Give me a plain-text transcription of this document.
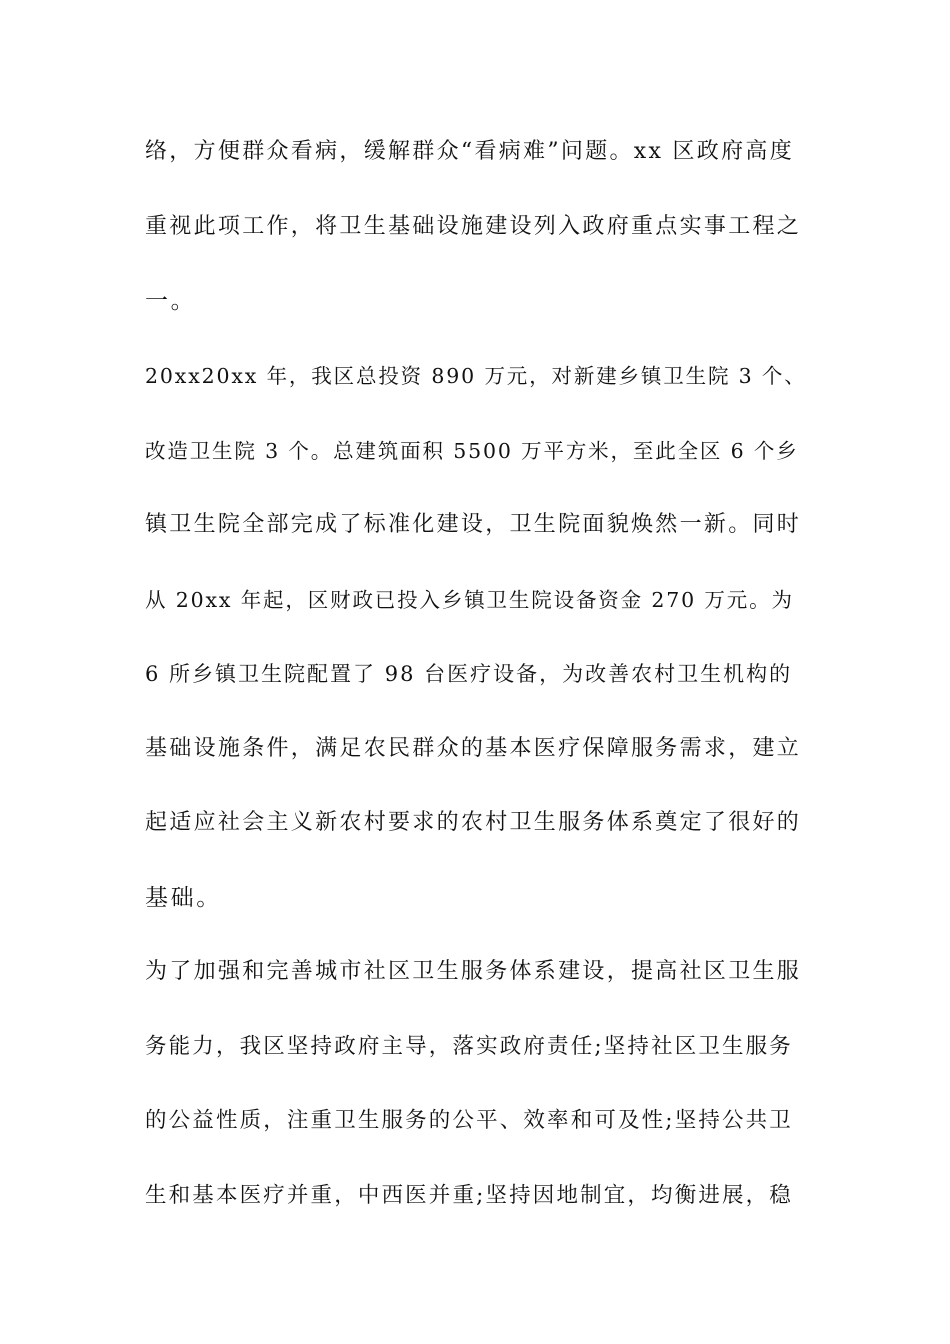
络，方便群众看病，缓解群众“看病难”问题。xx 区政府高度
重视此项工作，将卫生基础设施建设列入政府重点实事工程之
一。
20xx20xx 年，我区总投资 890 万元，对新建乡镇卫生院 3 个、
改造卫生院 3 个。总建筑面积 5500 万平方米，至此全区 6 个乡
镇卫生院全部完成了标准化建设，卫生院面貌焕然一新。同时
从 20xx 年起，区财政已投入乡镇卫生院设备资金 270 万元。为
6 所乡镇卫生院配置了 98 台医疗设备，为改善农村卫生机构的
基础设施条件，满足农民群众的基本医疗保障服务需求，建立
起适应社会主义新农村要求的农村卫生服务体系奠定了很好的
基础。
为了加强和完善城市社区卫生服务体系建设，提高社区卫生服
务能力，我区坚持政府主导，落实政府责任;坚持社区卫生服务
的公益性质，注重卫生服务的公平、效率和可及性;坚持公共卫
生和基本医疗并重，中西医并重;坚持因地制宜，均衡进展，稳
